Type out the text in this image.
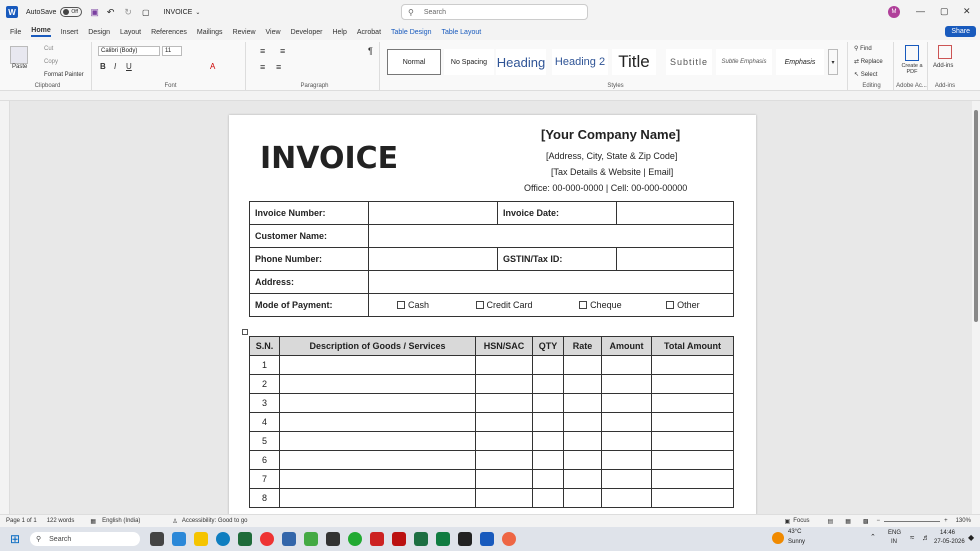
W	AutoSave	Off ▣ ↶ ↻ ▢ INVOICE ⌄	⚲ Search	M	— ▢ ✕
File Home Insert Design Layout References Mailings Review View Developer Help Acrobat Table Design Table Layout	Share
Paste
Cut
Copy
Format Painter
Clipboard
Calibri (Body)	11
B I U	A
Font
≡ ≡
≡ ≡
¶
Paragraph
Normal	No Spacing Heading Heading 2 Title	Subtitle	Subtle Emphasis	Emphasis	▾
Styles
⚲ Find
⇄ Replace
↖ Select
Editing
Create a PDF
Adobe Ac...
Add-ins
Add-ins
INVOICE
[Your Company Name]
[Address, City, State & Zip Code]
[Tax Details & Website | Email]
Office: 00-000-0000 | Cell: 00-000-00000
Invoice Number:		Invoice Date:	
Customer Name:			
Phone Number:		GSTIN/Tax ID:	
Address:			
Mode of Payment:	Cash Credit Card Cheque Other		
S.N.	Description of Goods / Services	HSN/SAC	QTY	Rate	Amount	Total Amount
1						
2						
3						
4						
5						
6						
7						
8						
Page 1 of 1 122 words	▦ English (India)	♙ Accessibility: Good to go	▣ Focus	▤ ▦ ▩ −	+ 130%
⊞	⚲ Search
43°C
Sunny
⌃
ENG
IN ≈ ♬ 14:46
27-05-2026 ◆
